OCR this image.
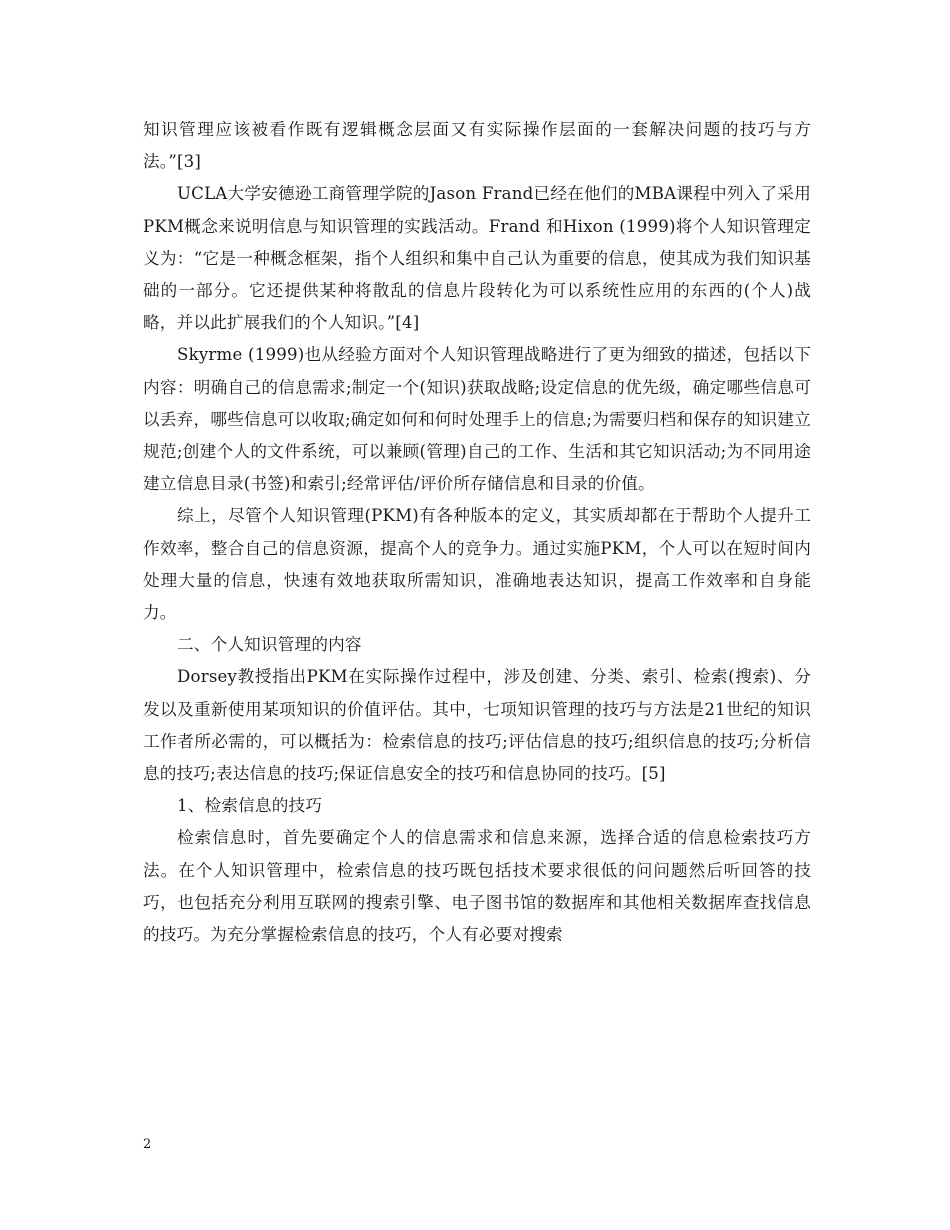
知识管理应该被看作既有逻辑概念层面又有实际操作层面的一套解决问题的技巧与方法。”[3]

UCLA大学安德逊工商管理学院的Jason Frand已经在他们的MBA课程中列入了采用PKM概念来说明信息与知识管理的实践活动。Frand 和Hixon (1999)将个人知识管理定义为：“它是一种概念框架，指个人组织和集中自己认为重要的信息，使其成为我们知识基础的一部分。它还提供某种将散乱的信息片段转化为可以系统性应用的东西的(个人)战略，并以此扩展我们的个人知识。”[4]

Skyrme (1999)也从经验方面对个人知识管理战略进行了更为细致的描述，包括以下内容：明确自己的信息需求;制定一个(知识)获取战略;设定信息的优先级，确定哪些信息可以丢弃，哪些信息可以收取;确定如何和何时处理手上的信息;为需要归档和保存的知识建立规范;创建个人的文件系统，可以兼顾(管理)自己的工作、生活和其它知识活动;为不同用途建立信息目录(书签)和索引;经常评估/评价所存储信息和目录的价值。

综上，尽管个人知识管理(PKM)有各种版本的定义，其实质却都在于帮助个人提升工作效率，整合自己的信息资源，提高个人的竞争力。通过实施PKM，个人可以在短时间内处理大量的信息，快速有效地获取所需知识，准确地表达知识，提高工作效率和自身能力。

二、个人知识管理的内容

Dorsey教授指出PKM在实际操作过程中，涉及创建、分类、索引、检索(搜索)、分发以及重新使用某项知识的价值评估。其中，七项知识管理的技巧与方法是21世纪的知识工作者所必需的，可以概括为：检索信息的技巧;评估信息的技巧;组织信息的技巧;分析信息的技巧;表达信息的技巧;保证信息安全的技巧和信息协同的技巧。[5]

1、检索信息的技巧

检索信息时，首先要确定个人的信息需求和信息来源，选择合适的信息检索技巧方法。在个人知识管理中，检索信息的技巧既包括技术要求很低的问问题然后听回答的技巧，也包括充分利用互联网的搜索引擎、电子图书馆的数据库和其他相关数据库查找信息的技巧。为充分掌握检索信息的技巧，个人有必要对搜索

2
